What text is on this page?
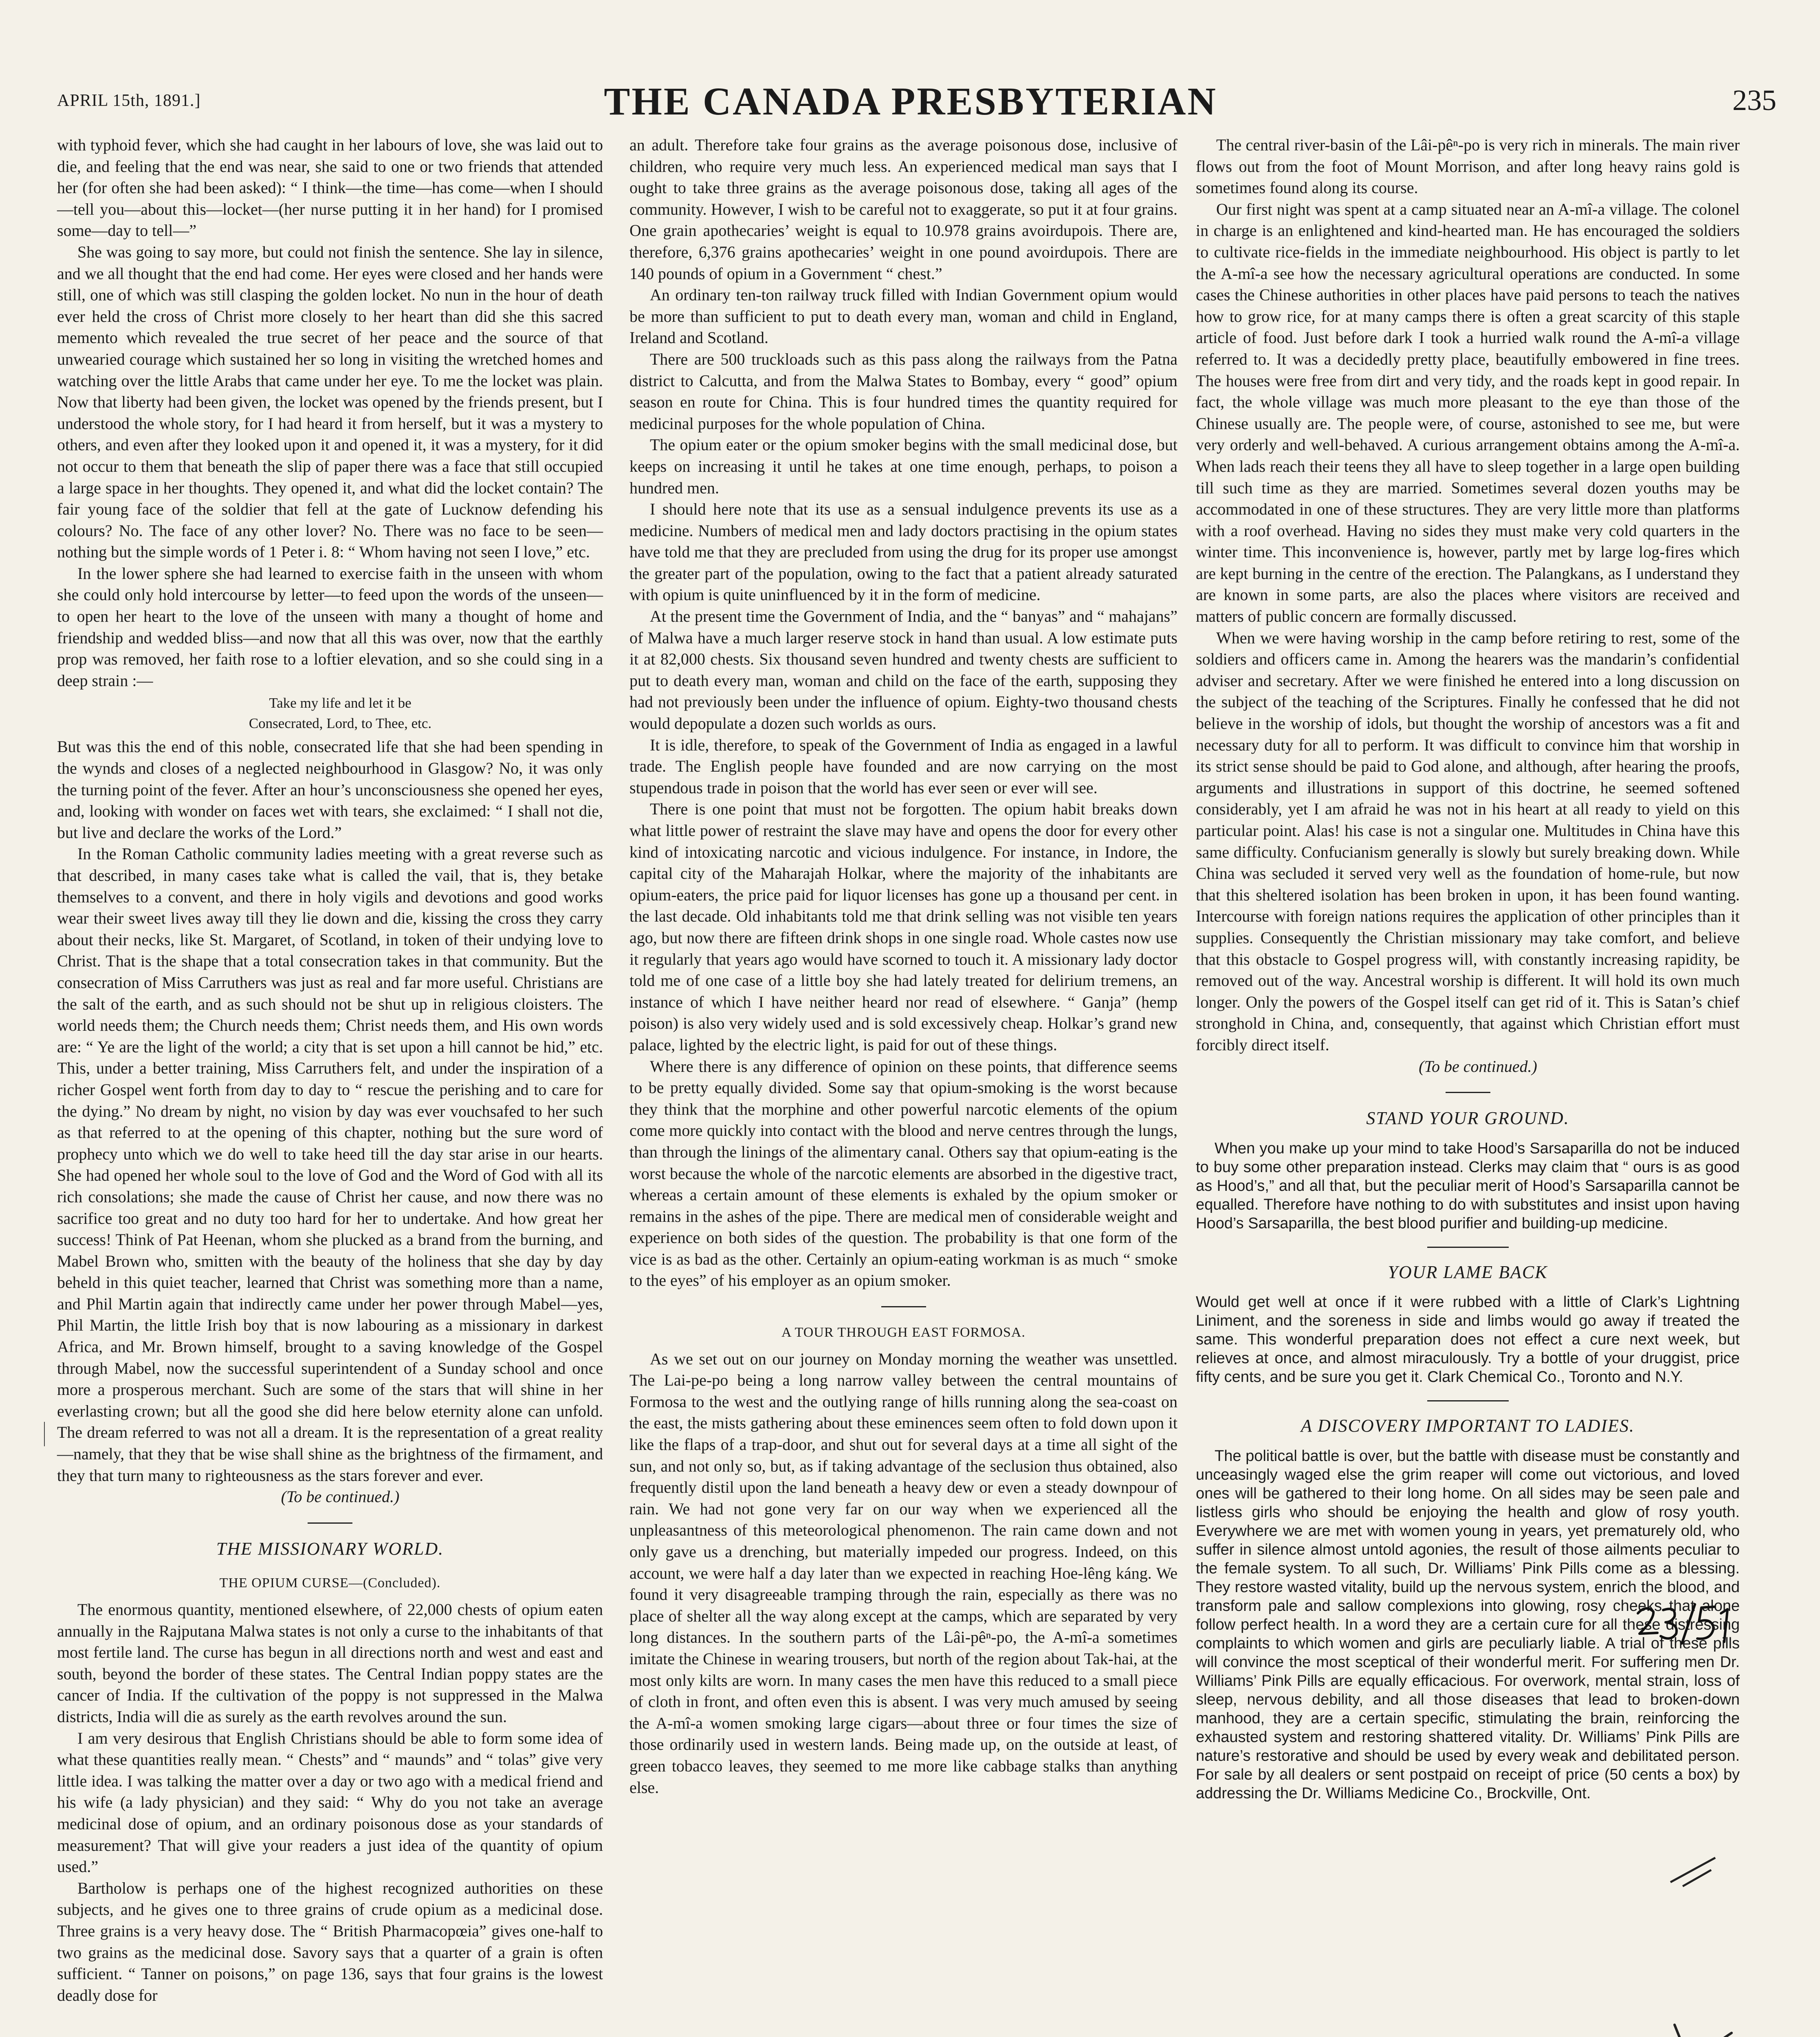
APRIL 15th, 1891.]	THE CANADA PRESBYTERIAN	235

with typhoid fever, which she had caught in her labours of love, she was laid out to die, and feeling that the end was near, she said to one or two friends that attended her (for often she had been asked): “ I think—the time—has come—when I should—tell you—about this—locket—(her nurse putting it in her hand) for I promised some—day to tell—”

She was going to say more, but could not finish the sentence. She lay in silence, and we all thought that the end had come. Her eyes were closed and her hands were still, one of which was still clasping the golden locket. No nun in the hour of death ever held the cross of Christ more closely to her heart than did she this sacred memento which revealed the true secret of her peace and the source of that unwearied courage which sustained her so long in visiting the wretched homes and watching over the little Arabs that came under her eye. To me the locket was plain. Now that liberty had been given, the locket was opened by the friends present, but I understood the whole story, for I had heard it from herself, but it was a mystery to others, and even after they looked upon it and opened it, it was a mystery, for it did not occur to them that beneath the slip of paper there was a face that still occupied a large space in her thoughts. They opened it, and what did the locket contain? The fair young face of the soldier that fell at the gate of Lucknow defending his colours? No. The face of any other lover? No. There was no face to be seen—nothing but the simple words of 1 Peter i. 8: “ Whom having not seen I love,” etc.

In the lower sphere she had learned to exercise faith in the unseen with whom she could only hold intercourse by letter—to feed upon the words of the unseen—to open her heart to the love of the unseen with many a thought of home and friendship and wedded bliss—and now that all this was over, now that the earthly prop was removed, her faith rose to a loftier elevation, and so she could sing in a deep strain :—

Take my life and let it be

Consecrated, Lord, to Thee, etc.

But was this the end of this noble, consecrated life that she had been spending in the wynds and closes of a neglected neighbourhood in Glasgow? No, it was only the turning point of the fever. After an hour’s unconsciousness she opened her eyes, and, looking with wonder on faces wet with tears, she exclaimed: “ I shall not die, but live and declare the works of the Lord.”

In the Roman Catholic community ladies meeting with a great reverse such as that described, in many cases take what is called the vail, that is, they betake themselves to a convent, and there in holy vigils and devotions and good works wear their sweet lives away till they lie down and die, kissing the cross they carry about their necks, like St. Margaret, of Scotland, in token of their undying love to Christ. That is the shape that a total consecration takes in that community. But the consecration of Miss Carruthers was just as real and far more useful. Christians are the salt of the earth, and as such should not be shut up in religious cloisters. The world needs them; the Church needs them; Christ needs them, and His own words are: “ Ye are the light of the world; a city that is set upon a hill cannot be hid,” etc. This, under a better training, Miss Carruthers felt, and under the inspiration of a richer Gospel went forth from day to day to “ rescue the perishing and to care for the dying.” No dream by night, no vision by day was ever vouchsafed to her such as that referred to at the opening of this chapter, nothing but the sure word of prophecy unto which we do well to take heed till the day star arise in our hearts. She had opened her whole soul to the love of God and the Word of God with all its rich consolations; she made the cause of Christ her cause, and now there was no sacrifice too great and no duty too hard for her to undertake. And how great her success! Think of Pat Heenan, whom she plucked as a brand from the burning, and Mabel Brown who, smitten with the beauty of the holiness that she day by day beheld in this quiet teacher, learned that Christ was something more than a name, and Phil Martin again that indirectly came under her power through Mabel—yes, Phil Martin, the little Irish boy that is now labouring as a missionary in darkest Africa, and Mr. Brown himself, brought to a saving knowledge of the Gospel through Mabel, now the successful superintendent of a Sunday school and once more a prosperous merchant. Such are some of the stars that will shine in her everlasting crown; but all the good she did here below eternity alone can unfold. The dream referred to was not all a dream. It is the representation of a great reality—namely, that they that be wise shall shine as the brightness of the firmament, and they that turn many to righteousness as the stars forever and ever.

(To be continued.)

THE MISSIONARY WORLD.
THE OPIUM CURSE—(Concluded).

The enormous quantity, mentioned elsewhere, of 22,000 chests of opium eaten annually in the Rajputana Malwa states is not only a curse to the inhabitants of that most fertile land. The curse has begun in all directions north and west and east and south, beyond the border of these states. The Central Indian poppy states are the cancer of India. If the cultivation of the poppy is not suppressed in the Malwa districts, India will die as surely as the earth revolves around the sun.

I am very desirous that English Christians should be able to form some idea of what these quantities really mean. “ Chests” and “ maunds” and “ tolas” give very little idea. I was talking the matter over a day or two ago with a medical friend and his wife (a lady physician) and they said: “ Why do you not take an average medicinal dose of opium, and an ordinary poisonous dose as your standards of measurement? That will give your readers a just idea of the quantity of opium used.”

Bartholow is perhaps one of the highest recognized authorities on these subjects, and he gives one to three grains of crude opium as a medicinal dose. Three grains is a very heavy dose. The “ British Pharmacopœia” gives one-half to two grains as the medicinal dose. Savory says that a quarter of a grain is often sufficient. “ Tanner on poisons,” on page 136, says that four grains is the lowest deadly dose for

an adult. Therefore take four grains as the average poisonous dose, inclusive of children, who require very much less. An experienced medical man says that I ought to take three grains as the average poisonous dose, taking all ages of the community. However, I wish to be careful not to exaggerate, so put it at four grains. One grain apothecaries’ weight is equal to 10.978 grains avoirdupois. There are, therefore, 6,376 grains apothecaries’ weight in one pound avoirdupois. There are 140 pounds of opium in a Government “ chest.”

An ordinary ten-ton railway truck filled with Indian Government opium would be more than sufficient to put to death every man, woman and child in England, Ireland and Scotland.

There are 500 truckloads such as this pass along the railways from the Patna district to Calcutta, and from the Malwa States to Bombay, every “ good” opium season en route for China. This is four hundred times the quantity required for medicinal purposes for the whole population of China.

The opium eater or the opium smoker begins with the small medicinal dose, but keeps on increasing it until he takes at one time enough, perhaps, to poison a hundred men.

I should here note that its use as a sensual indulgence prevents its use as a medicine. Numbers of medical men and lady doctors practising in the opium states have told me that they are precluded from using the drug for its proper use amongst the greater part of the population, owing to the fact that a patient already saturated with opium is quite uninfluenced by it in the form of medicine.

At the present time the Government of India, and the “ banyas” and “ mahajans” of Malwa have a much larger reserve stock in hand than usual. A low estimate puts it at 82,000 chests. Six thousand seven hundred and twenty chests are sufficient to put to death every man, woman and child on the face of the earth, supposing they had not previously been under the influence of opium. Eighty-two thousand chests would depopulate a dozen such worlds as ours.

It is idle, therefore, to speak of the Government of India as engaged in a lawful trade. The English people have founded and are now carrying on the most stupendous trade in poison that the world has ever seen or ever will see.

There is one point that must not be forgotten. The opium habit breaks down what little power of restraint the slave may have and opens the door for every other kind of intoxicating narcotic and vicious indulgence. For instance, in Indore, the capital city of the Maharajah Holkar, where the majority of the inhabitants are opium-eaters, the price paid for liquor licenses has gone up a thousand per cent. in the last decade. Old inhabitants told me that drink selling was not visible ten years ago, but now there are fifteen drink shops in one single road. Whole castes now use it regularly that years ago would have scorned to touch it. A missionary lady doctor told me of one case of a little boy she had lately treated for delirium tremens, an instance of which I have neither heard nor read of elsewhere. “ Ganja” (hemp poison) is also very widely used and is sold excessively cheap. Holkar’s grand new palace, lighted by the electric light, is paid for out of these things.

Where there is any difference of opinion on these points, that difference seems to be pretty equally divided. Some say that opium-smoking is the worst because they think that the morphine and other powerful narcotic elements of the opium come more quickly into contact with the blood and nerve centres through the lungs, than through the linings of the alimentary canal. Others say that opium-eating is the worst because the whole of the narcotic elements are absorbed in the digestive tract, whereas a certain amount of these elements is exhaled by the opium smoker or remains in the ashes of the pipe. There are medical men of considerable weight and experience on both sides of the question. The probability is that one form of the vice is as bad as the other. Certainly an opium-eating workman is as much “ smoke to the eyes” of his employer as an opium smoker.

A TOUR THROUGH EAST FORMOSA.

As we set out on our journey on Monday morning the weather was unsettled. The Lai-pe-po being a long narrow valley between the central mountains of Formosa to the west and the outlying range of hills running along the sea-coast on the east, the mists gathering about these eminences seem often to fold down upon it like the flaps of a trap-door, and shut out for several days at a time all sight of the sun, and not only so, but, as if taking advantage of the seclusion thus obtained, also frequently distil upon the land beneath a heavy dew or even a steady downpour of rain. We had not gone very far on our way when we experienced all the unpleasantness of this meteorological phenomenon. The rain came down and not only gave us a drenching, but materially impeded our progress. Indeed, on this account, we were half a day later than we expected in reaching Hoe-lêng káng. We found it very disagreeable tramping through the rain, especially as there was no place of shelter all the way along except at the camps, which are separated by very long distances. In the southern parts of the Lâi-pêⁿ-po, the A-mî-a sometimes imitate the Chinese in wearing trousers, but north of the region about Tak-hai, at the most only kilts are worn. In many cases the men have this reduced to a small piece of cloth in front, and often even this is absent. I was very much amused by seeing the A-mî-a women smoking large cigars—about three or four times the size of those ordinarily used in western lands. Being made up, on the outside at least, of green tobacco leaves, they seemed to me more like cabbage stalks than anything else.

The central river-basin of the Lâi-pêⁿ-po is very rich in minerals. The main river flows out from the foot of Mount Morrison, and after long heavy rains gold is sometimes found along its course.

Our first night was spent at a camp situated near an A-mî-a village. The colonel in charge is an enlightened and kind-hearted man. He has encouraged the soldiers to cultivate rice-fields in the immediate neighbourhood. His object is partly to let the A-mî-a see how the necessary agricultural operations are conducted. In some cases the Chinese authorities in other places have paid persons to teach the natives how to grow rice, for at many camps there is often a great scarcity of this staple article of food. Just before dark I took a hurried walk round the A-mî-a village referred to. It was a decidedly pretty place, beautifully embowered in fine trees. The houses were free from dirt and very tidy, and the roads kept in good repair. In fact, the whole village was much more pleasant to the eye than those of the Chinese usually are. The people were, of course, astonished to see me, but were very orderly and well-behaved. A curious arrangement obtains among the A-mî-a. When lads reach their teens they all have to sleep together in a large open building till such time as they are married. Sometimes several dozen youths may be accommodated in one of these structures. They are very little more than platforms with a roof overhead. Having no sides they must make very cold quarters in the winter time. This inconvenience is, however, partly met by large log-fires which are kept burning in the centre of the erection. The Palangkans, as I understand they are known in some parts, are also the places where visitors are received and matters of public concern are formally discussed.

When we were having worship in the camp before retiring to rest, some of the soldiers and officers came in. Among the hearers was the mandarin’s confidential adviser and secretary. After we were finished he entered into a long discussion on the subject of the teaching of the Scriptures. Finally he confessed that he did not believe in the worship of idols, but thought the worship of ancestors was a fit and necessary duty for all to perform. It was difficult to convince him that worship in its strict sense should be paid to God alone, and although, after hearing the proofs, arguments and illustrations in support of this doctrine, he seemed softened considerably, yet I am afraid he was not in his heart at all ready to yield on this particular point. Alas! his case is not a singular one. Multitudes in China have this same difficulty. Confucianism generally is slowly but surely breaking down. While China was secluded it served very well as the foundation of home-rule, but now that this sheltered isolation has been broken in upon, it has been found wanting. Intercourse with foreign nations requires the application of other principles than it supplies. Consequently the Christian missionary may take comfort, and believe that this obstacle to Gospel progress will, with constantly increasing rapidity, be removed out of the way. Ancestral worship is different. It will hold its own much longer. Only the powers of the Gospel itself can get rid of it. This is Satan’s chief stronghold in China, and, consequently, that against which Christian effort must forcibly direct itself.

(To be continued.)

STAND YOUR GROUND.

When you make up your mind to take Hood’s Sarsaparilla do not be induced to buy some other preparation instead. Clerks may claim that “ ours is as good as Hood’s,” and all that, but the peculiar merit of Hood’s Sarsaparilla cannot be equalled. Therefore have nothing to do with substitutes and insist upon having Hood’s Sarsaparilla, the best blood purifier and building-up medicine.

YOUR LAME BACK

Would get well at once if it were rubbed with a little of Clark’s Lightning Liniment, and the soreness in side and limbs would go away if treated the same. This wonderful preparation does not effect a cure next week, but relieves at once, and almost miraculously. Try a bottle of your druggist, price fifty cents, and be sure you get it. Clark Chemical Co., Toronto and N.Y.

A DISCOVERY IMPORTANT TO LADIES.

The political battle is over, but the battle with disease must be constantly and unceasingly waged else the grim reaper will come out victorious, and loved ones will be gathered to their long home. On all sides may be seen pale and listless girls who should be enjoying the health and glow of rosy youth. Everywhere we are met with women young in years, yet prematurely old, who suffer in silence almost untold agonies, the result of those ailments peculiar to the female system. To all such, Dr. Williams’ Pink Pills come as a blessing. They restore wasted vitality, build up the nervous system, enrich the blood, and transform pale and sallow complexions into glowing, rosy cheeks that alone follow perfect health. In a word they are a certain cure for all these distressing complaints to which women and girls are peculiarly liable. A trial of these pills will convince the most sceptical of their wonderful merit. For suffering men Dr. Williams’ Pink Pills are equally efficacious. For overwork, mental strain, loss of sleep, nervous debility, and all those diseases that lead to broken-down manhood, they are a certain specific, stimulating the brain, reinforcing the exhausted system and restoring shattered vitality. Dr. Williams’ Pink Pills are nature’s restorative and should be used by every weak and debilitated person. For sale by all dealers or sent postpaid on receipt of price (50 cents a box) by addressing the Dr. Williams Medicine Co., Brockville, Ont.
